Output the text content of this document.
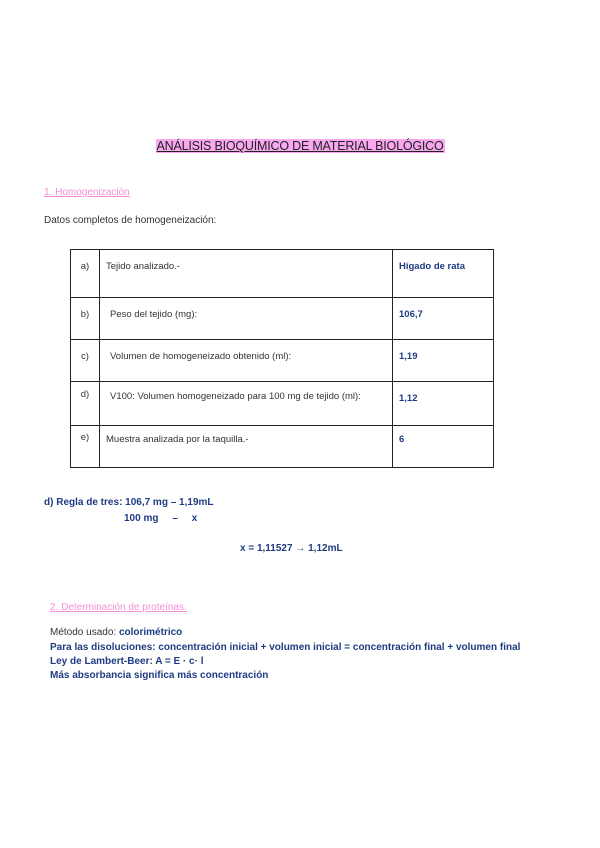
ANÁLISIS BIOQUÍMICO DE MATERIAL BIOLÓGICO
1. Homogenización
Datos completos de homogeneización:
a)	Tejido analizado.-	Hígado de rata

b)	Peso del tejido (mg):	106,7

c)	Volumen de homogeneizado obtenido (ml):	1,19

d)	V100: Volumen homogeneizado para 100 mg de tejido (ml):	1,12

e)	Muestra analizada por la taquilla.-	6
d) Regla de tres: 106,7 mg – 1,19mL
100 mg     –     x
x = 1,11527 → 1,12mL
2. Determinación de proteínas.
Método usado: colorimétrico
Para las disoluciones: concentración inicial + volumen inicial = concentración final + volumen final
Ley de Lambert-Beer: A = E · c· l
Más absorbancia significa más concentración
